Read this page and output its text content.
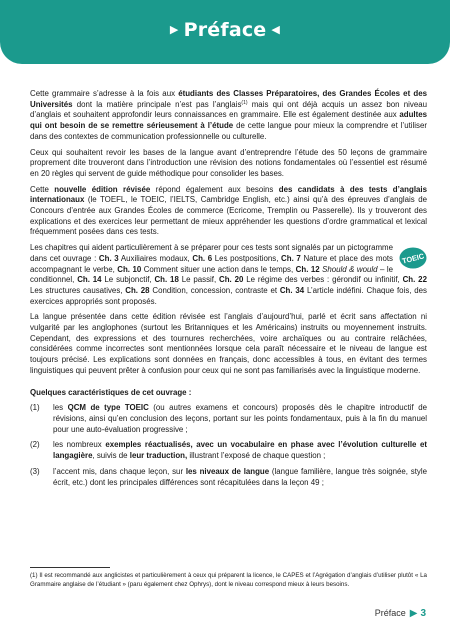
▶ Préface ◀

Cette grammaire s’adresse à la fois aux étudiants des Classes Préparatoires, des Grandes Écoles et des Universités dont la matière principale n’est pas l’anglais$^{(1)}$ mais qui ont déjà acquis un assez bon niveau d’anglais et souhaitent approfondir leurs connaissances en grammaire. Elle est également destinée aux adultes qui ont besoin de se remettre sérieusement à l’étude de cette langue pour mieux la comprendre et l’utiliser dans des contextes de communication professionnelle ou culturelle.

Ceux qui souhaitent revoir les bases de la langue avant d’entreprendre l’étude des 50 leçons de grammaire proprement dite trouveront dans l’introduction une révision des notions fondamentales où l’essentiel est résumé en 20 règles qui servent de guide méthodique pour consolider les bases.

Cette nouvelle édition révisée répond également aux besoins des candidats à des tests d’anglais internationaux (le TOEFL, le TOEIC, l’IELTS, Cambridge English, etc.) ainsi qu’à des épreuves d’anglais de Concours d’entrée aux Grandes Écoles de commerce (Ecricome, Tremplin ou Passerelle). Ils y trouveront des explications et des exercices leur permettant de mieux appréhender les questions d’ordre grammatical et lexical fréquemment posées dans ces tests.

TOEIC
Les chapitres qui aident particulièrement à se préparer pour ces tests sont signalés par un pictogramme dans cet ouvrage : Ch. 3 Auxiliaires modaux, Ch. 6 Les postpositions, Ch. 7 Nature et place des mots accompagnant le verbe, Ch. 10 Comment situer une action dans le temps, Ch. 12 Should & would – le conditionnel, Ch. 14 Le subjonctif, Ch. 18 Le passif, Ch. 20 Le régime des verbes : gérondif ou infinitif, Ch. 22 Les structures causatives, Ch. 28 Condition, concession, contraste et Ch. 34 L’article indéfini. Chaque fois, des exercices appropriés sont proposés.

La langue présentée dans cette édition révisée est l’anglais d’aujourd’hui, parlé et écrit sans affectation ni vulgarité par les anglophones (surtout les Britanniques et les Américains) instruits ou moyennement instruits. Cependant, des expressions et des tournures recherchées, voire archaïques ou au contraire relâchées, considérées comme incorrectes sont mentionnées lorsque cela paraît nécessaire et le niveau de langue est toujours précisé. Les explications sont données en français, donc accessibles à tous, en évitant des termes linguistiques qui peuvent prêter à confusion pour ceux qui ne sont pas familiarisés avec la linguistique moderne.

Quelques caractéristiques de cet ouvrage :

(1) les QCM de type TOEIC (ou autres examens et concours) proposés dès le chapitre introductif de révisions, ainsi qu’en conclusion des leçons, portant sur les points fondamentaux, puis à la fin du manuel pour une auto-évaluation progressive ;
(2) les nombreux exemples réactualisés, avec un vocabulaire en phase avec l’évolution culturelle et langagière, suivis de leur traduction, illustrant l’exposé de chaque question ;
(3) l’accent mis, dans chaque leçon, sur les niveaux de langue (langue familière, langue très soignée, style écrit, etc.) dont les principales différences sont récapitulées dans la leçon 49 ;
(1) Il est recommandé aux anglicistes et particulièrement à ceux qui préparent la licence, le CAPES et l’Agrégation d’anglais d’utiliser plutôt « La Grammaire anglaise de l’étudiant » (paru également chez Ophrys), dont le niveau correspond mieux à leurs besoins.
Préface ▶ 3
